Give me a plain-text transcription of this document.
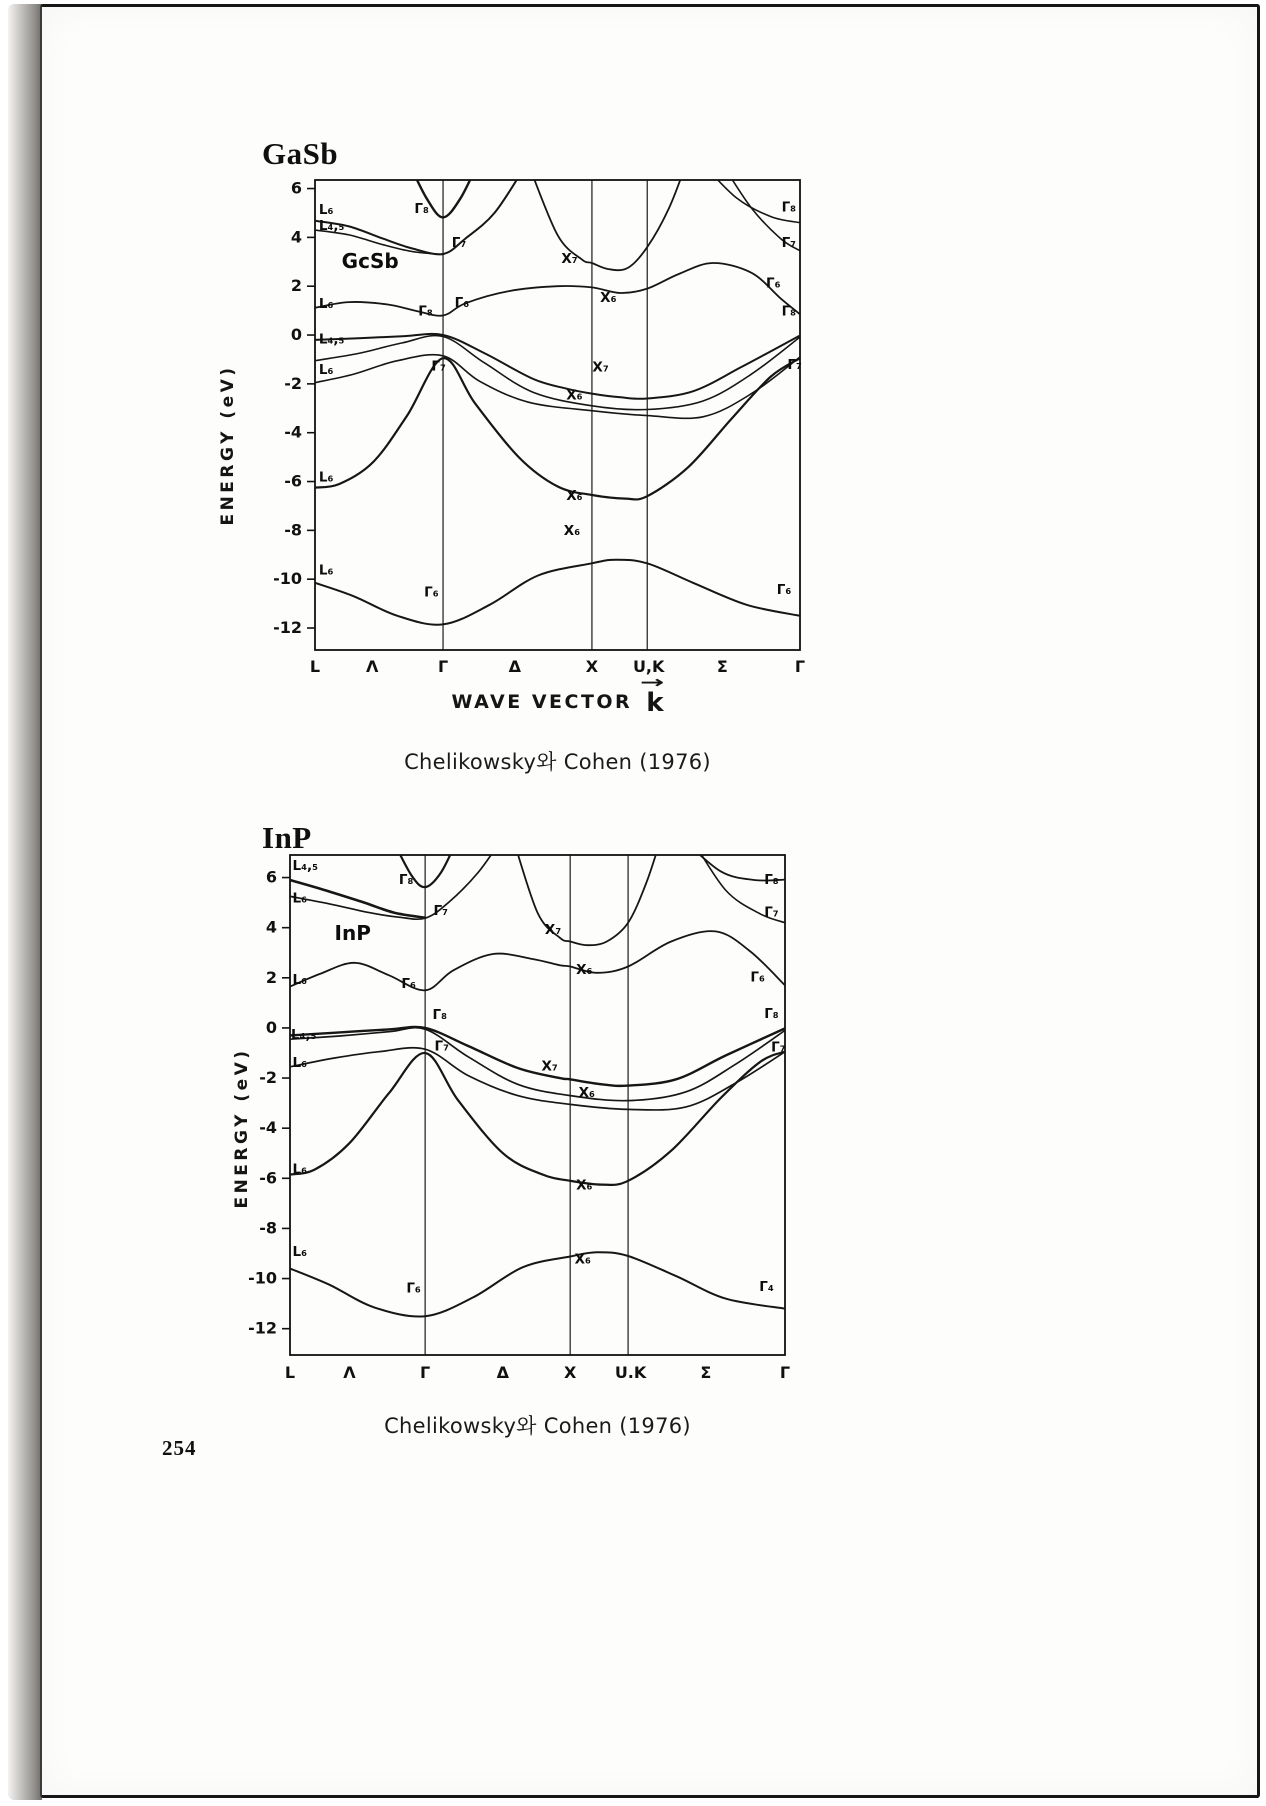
GaSb
ENERGY (eV)
6
4
2
0
-2
-4
-6
-8
-10
-12
L	Λ	Γ	Δ	X U,K	Σ	Γ
GcSb
L₆
L₄,₅
L₆
L₄,₅
L₆
L₆
L₆
Γ₈
Γ₇
Γ₆
Γ₈
Γ₇
Γ₆
X₇
X₆
X₇
X₆
X₆
X₆
Γ₈
Γ₇
Γ₆
Γ₈
Γ₇
Γ₆
WAVE VECTOR
→
k
Chelikowsky와 Cohen (1976)
InP
ENERGY (eV)
6
4
2
0
-2
-4
-6
-8
-10
-12
L	Λ	Γ	Δ	X U.K	Σ	Γ
InP
L₄,₅
L₆
L₆
L₄,₅
L₆
L₆
L₆
Γ₈
Γ₇
Γ₆
Γ₈
Γ₇
Γ₆
X₇
X₆
X₇
X₆
X₆
X₆
Γ₈
Γ₇
Γ₆
Γ₈
Γ₇
Γ₄
Chelikowsky와 Cohen (1976)
254
